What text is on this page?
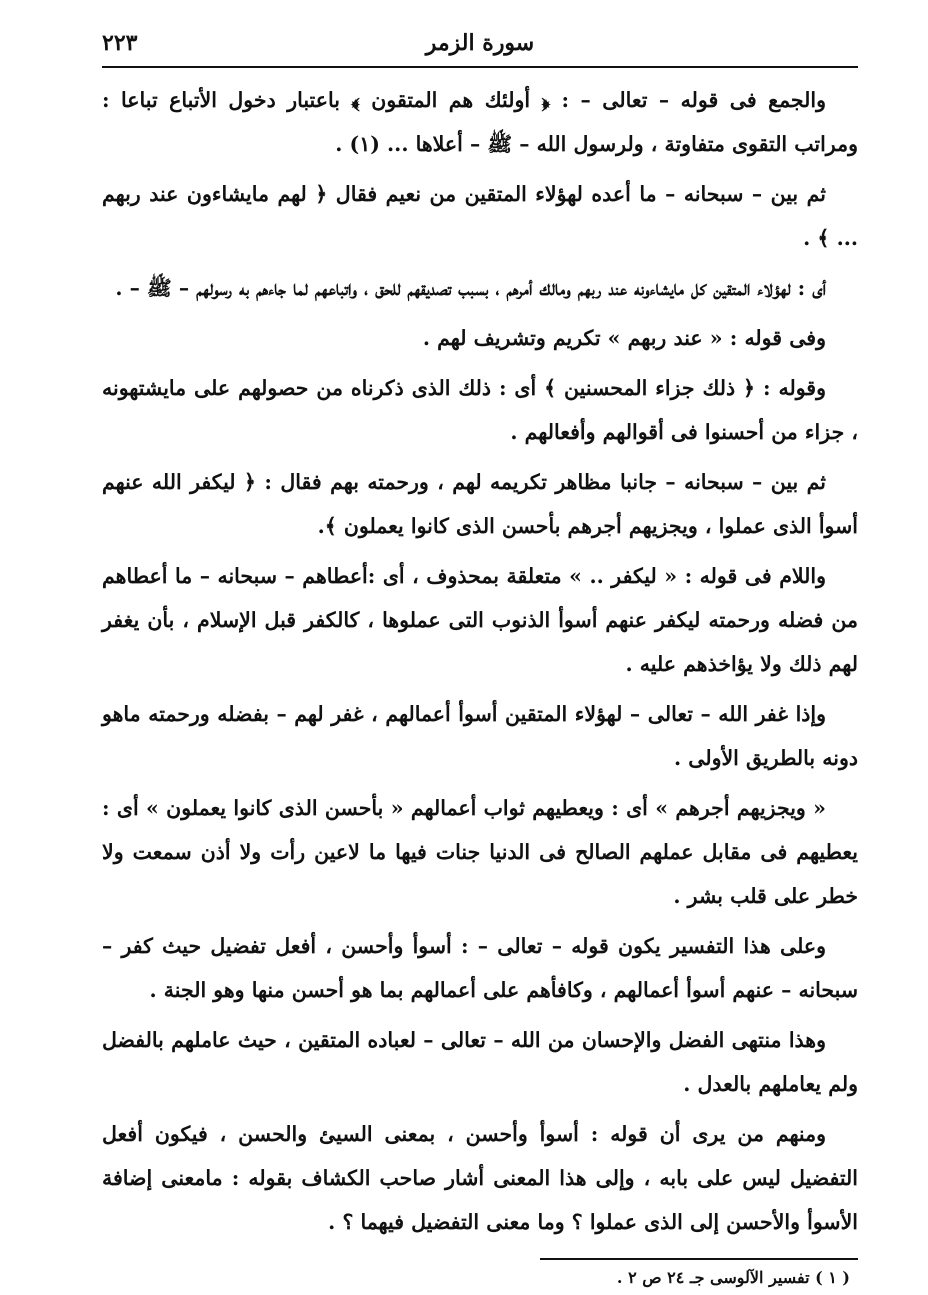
سورة الزمر
٢٢٣

والجمع فى قوله – تعالى – : ﴿ أولئك هم المتقون ﴾ باعتبار دخول الأتباع تباعا : ومراتب التقوى متفاوتة ، ولرسول الله – ﷺ – أعلاها ... (١) .

ثم بين – سبحانه – ما أعده لهؤلاء المتقين من نعيم فقال ﴿ لهم مايشاءون عند ربهم ... ﴾ .

أى : لهؤلاء المتقين كل مايشاءونه عند ربهم ومالك أمرهم ، بسبب تصديقهم للحق ، واتباعهم لما جاءهم به رسولهم – ﷺ – .

وفى قوله : « عند ربهم » تكريم وتشريف لهم .

وقوله : ﴿ ذلك جزاء المحسنين ﴾ أى : ذلك الذى ذكرناه من حصولهم على مايشتهونه ، جزاء من أحسنوا فى أقوالهم وأفعالهم .

ثم بين – سبحانه – جانبا مظاهر تكريمه لهم ، ورحمته بهم فقال : ﴿ ليكفر الله عنهم أسوأ الذى عملوا ، ويجزيهم أجرهم بأحسن الذى كانوا يعملون ﴾.

واللام فى قوله : « ليكفر .. » متعلقة بمحذوف ، أى :أعطاهم – سبحانه – ما أعطاهم من فضله ورحمته ليكفر عنهم أسوأ الذنوب التى عملوها ، كالكفر قبل الإسلام ، بأن يغفر لهم ذلك ولا يؤاخذهم عليه .

وإذا غفر الله – تعالى – لهؤلاء المتقين أسوأ أعمالهم ، غفر لهم – بفضله ورحمته ماهو دونه بالطريق الأولى .

« ويجزيهم أجرهم » أى : ويعطيهم ثواب أعمالهم « بأحسن الذى كانوا يعملون » أى : يعطيهم فى مقابل عملهم الصالح فى الدنيا جنات فيها ما لاعين رأت ولا أذن سمعت ولا خطر على قلب بشر .

وعلى هذا التفسير يكون قوله – تعالى – : أسوأ وأحسن ، أفعل تفضيل حيث كفر – سبحانه – عنهم أسوأ أعمالهم ، وكافأهم على أعمالهم بما هو أحسن منها وهو الجنة .

وهذا منتهى الفضل والإحسان من الله – تعالى – لعباده المتقين ، حيث عاملهم بالفضل ولم يعاملهم بالعدل .

ومنهم من يرى أن قوله : أسوأ وأحسن ، بمعنى السيئ والحسن ، فيكون أفعل التفضيل ليس على بابه ، وإلى هذا المعنى أشار صاحب الكشاف بقوله : مامعنى إضافة الأسوأ والأحسن إلى الذى عملوا ؟ وما معنى التفضيل فيهما ؟ .

( ١ ) تفسير الآلوسى جـ ٢٤ ص ٢ .
